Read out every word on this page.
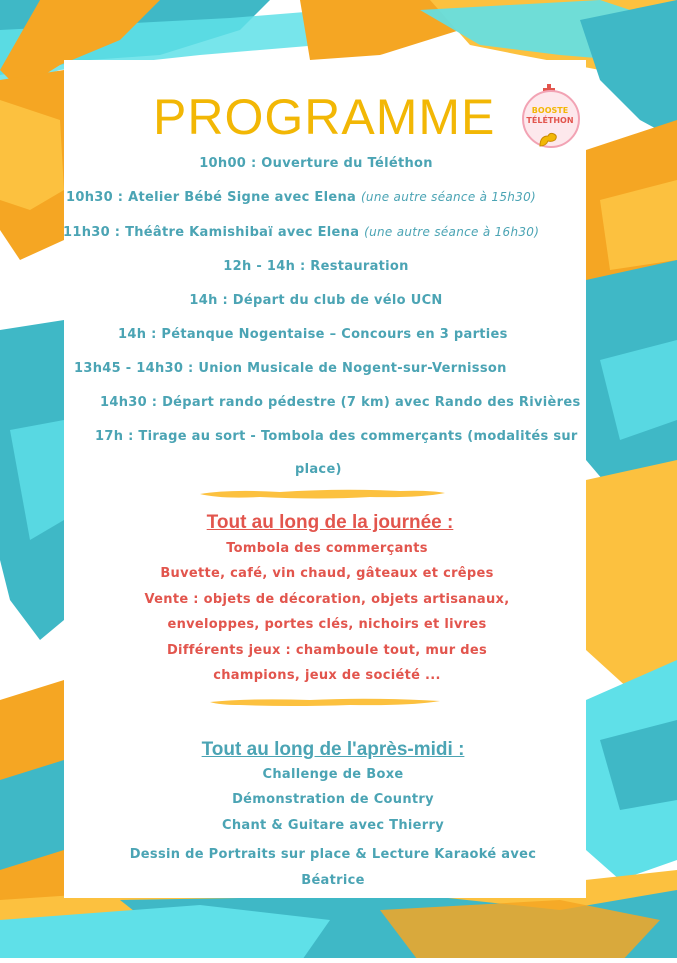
PROGRAMME	BOOSTE
TÉLÉTHON
10h00 : Ouverture du Téléthon
10h30 : Atelier Bébé Signe avec Elena (une autre séance à 15h30)
11h30 : Théâtre Kamishibaï avec Elena (une autre séance à 16h30)
12h - 14h : Restauration
14h : Départ du club de vélo UCN
14h : Pétanque Nogentaise – Concours en 3 parties
13h45 - 14h30 : Union Musicale de Nogent-sur-Vernisson
14h30 : Départ rando pédestre (7 km) avec Rando des Rivières
17h : Tirage au sort - Tombola des commerçants (modalités sur
place)
Tout au long de la journée :
Tombola des commerçants
Buvette, café, vin chaud, gâteaux et crêpes
Vente : objets de décoration, objets artisanaux,
enveloppes, portes clés, nichoirs et livres
Différents jeux : chamboule tout, mur des
champions, jeux de société ...
Tout au long de l'après-midi :
Challenge de Boxe
Démonstration de Country
Chant & Guitare avec Thierry
Dessin de Portraits sur place & Lecture Karaoké avec
Béatrice
